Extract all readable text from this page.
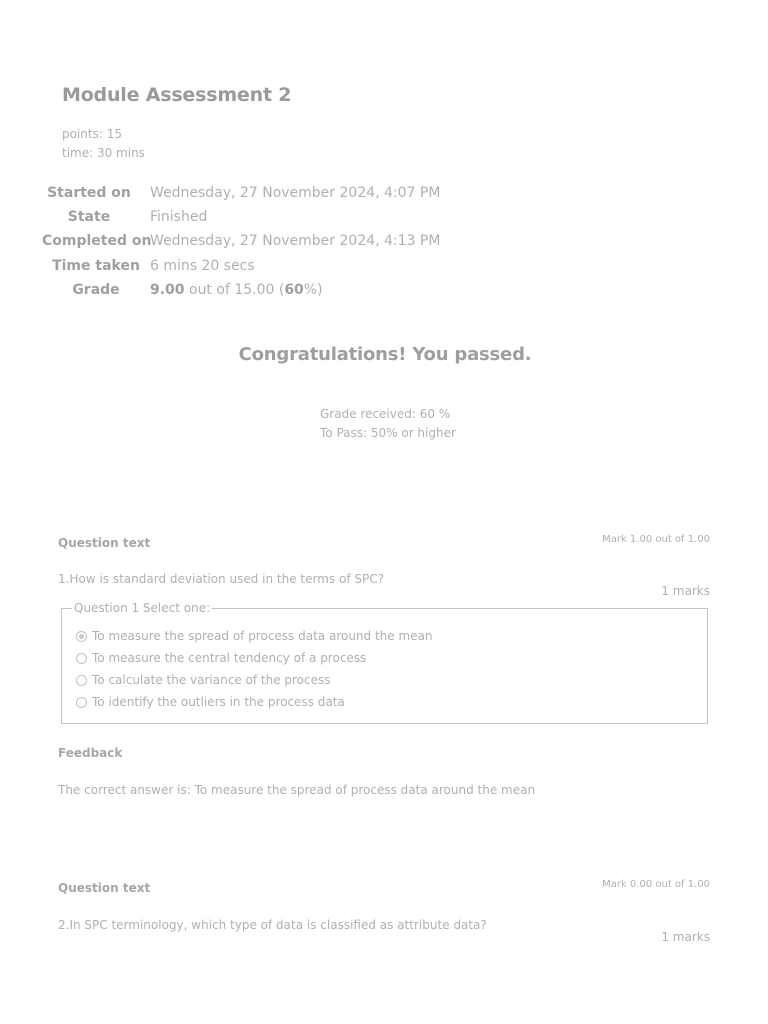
Module Assessment 2
points: 15
time: 30 mins
Started on Wednesday, 27 November 2024, 4:07 PM
State	Finished
Completed on
Wednesday, 27 November 2024, 4:13 PM
Time taken 6 mins 20 secs
Grade	9.00 out of 15.00 (60%)
Congratulations! You passed.
Grade received: 60 %
To Pass: 50% or higher
Question text	Mark 1.00 out of 1.00
1.How is standard deviation used in the terms of SPC?
1 marks
Question 1 Select one:
To measure the spread of process data around the mean
To measure the central tendency of a process
To calculate the variance of the process
To identify the outliers in the process data
Feedback
The correct answer is: To measure the spread of process data around the mean
Question text	Mark 0.00 out of 1.00
2.In SPC terminology, which type of data is classified as attribute data?
1 marks
